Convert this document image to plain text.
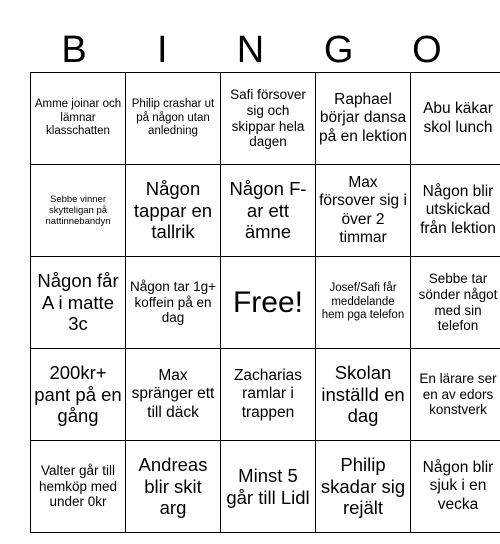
B	I	N	G	O
Amme joinar och lämnar klasschatten	Philip crashar ut på någon utan anledning	Safi försover sig och skippar hela dagen	Raphael börjar dansa på en lektion	Abu käkar skol lunch
Sebbe vinner skytteligan på nattinnebandyn	Någon tappar en tallrik	Någon F-ar ett ämne	Max försover sig i över 2 timmar	Någon blir utskickad från lektion
Någon får A i matte 3c	Någon tar 1g+ koffein på en dag	Free!	Josef/Safi får meddelande hem pga telefon	Sebbe tar sönder något med sin telefon
200kr+ pant på en gång	Max spränger ett till däck	Zacharias ramlar i trappen	Skolan inställd en dag	En lärare ser en av edors konstverk
Valter går till hemköp med under 0kr	Andreas blir skit arg	Minst 5 går till Lidl	Philip skadar sig rejält	Någon blir sjuk i en vecka
